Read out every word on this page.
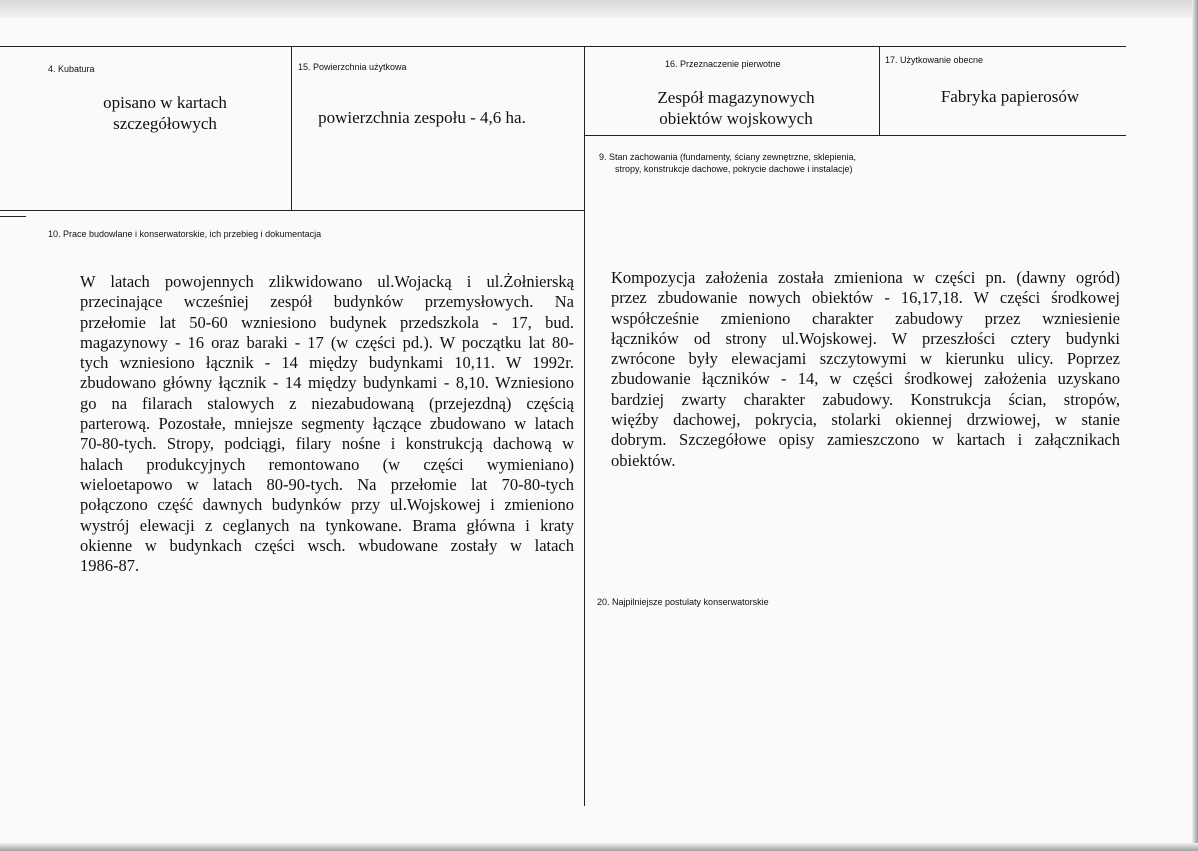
4. Kubatura
opisano w kartach
szczegółowych
15. Powierzchnia użytkowa
powierzchnia zespołu - 4,6 ha.
16. Przeznaczenie pierwotne
Zespół magazynowych
obiektów wojskowych
17. Użytkowanie obecne
Fabryka papierosów
9. Stan zachowania (fundamenty, ściany zewnętrzne, sklepienia,
stropy, konstrukcje dachowe, pokrycie dachowe i instalacje)
Kompozycja założenia została zmieniona w części pn. (dawny ogród)
przez zbudowanie nowych obiektów - 16,17,18. W części środkowej
współcześnie zmieniono charakter zabudowy przez wzniesienie
łączników od strony ul.Wojskowej. W przeszłości cztery budynki
zwrócone były elewacjami szczytowymi w kierunku ulicy. Poprzez
zbudowanie łączników - 14, w części środkowej założenia uzyskano
bardziej zwarty charakter zabudowy. Konstrukcja ścian, stropów,
więźby dachowej, pokrycia, stolarki okiennej drzwiowej, w stanie
dobrym. Szczegółowe opisy zamieszczono w kartach i załącznikach
obiektów.
10. Prace budowlane i konserwatorskie, ich przebieg i dokumentacja
W latach powojennych zlikwidowano ul.Wojacką i ul.Żołnierską
przecinające wcześniej zespół budynków przemysłowych. Na
przełomie lat 50-60 wzniesiono budynek przedszkola - 17, bud.
magazynowy - 16 oraz baraki - 17 (w części pd.). W początku lat 80-
tych wzniesiono łącznik - 14 między budynkami 10,11. W 1992r.
zbudowano główny łącznik - 14 między budynkami - 8,10. Wzniesiono
go na filarach stalowych z niezabudowaną (przejezdną) częścią
parterową. Pozostałe, mniejsze segmenty łączące zbudowano w latach
70-80-tych. Stropy, podciągi, filary nośne i konstrukcją dachową w
halach produkcyjnych remontowano (w części wymieniano)
wieloetapowo w latach 80-90-tych. Na przełomie lat 70-80-tych
połączono część dawnych budynków przy ul.Wojskowej i zmieniono
wystrój elewacji z ceglanych na tynkowane. Brama główna i kraty
okienne w budynkach części wsch. wbudowane zostały w latach
1986-87.
20. Najpilniejsze postulaty konserwatorskie
